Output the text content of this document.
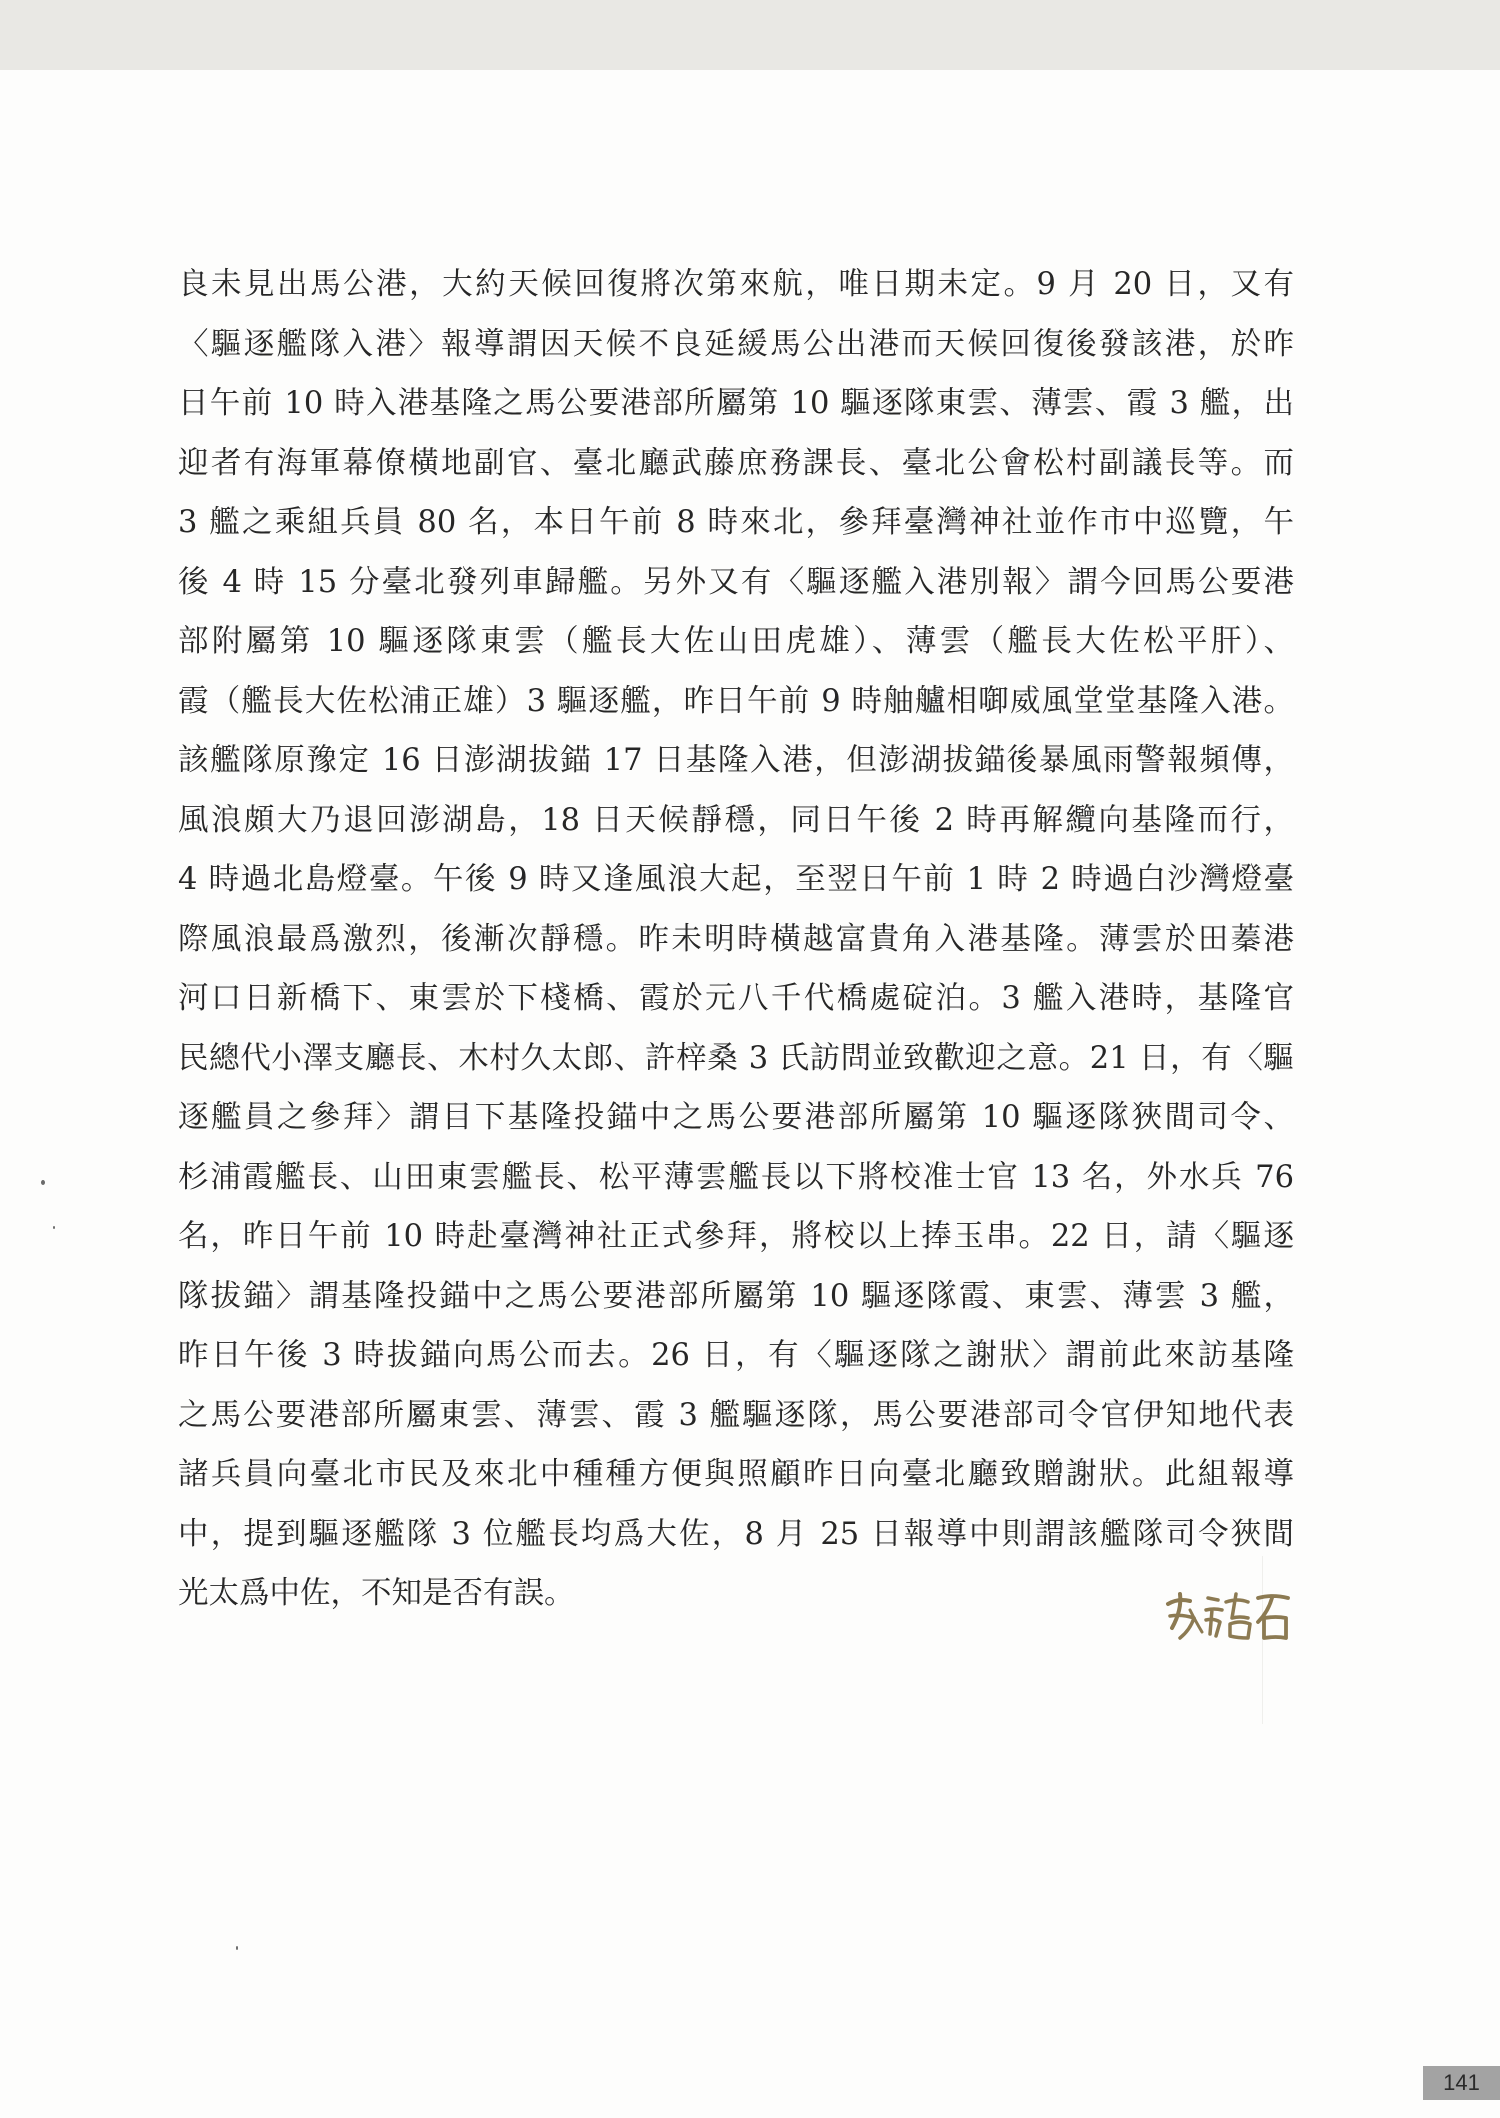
良未見出馬公港，大約天候回復將次第來航，唯日期未定。9 月 20 日，又有
〈驅逐艦隊入港〉報導謂因天候不良延緩馬公出港而天候回復後發該港，於昨
日午前 10 時入港基隆之馬公要港部所屬第 10 驅逐隊東雲、薄雲、霞 3 艦，出
迎者有海軍幕僚橫地副官、臺北廳武藤庶務課長、臺北公會松村副議長等。而
3 艦之乘組兵員 80 名，本日午前 8 時來北，參拜臺灣神社並作市中巡覽，午
後 4 時 15 分臺北發列車歸艦。另外又有〈驅逐艦入港別報〉謂今回馬公要港
部附屬第 10 驅逐隊東雲（艦長大佐山田虎雄）、薄雲（艦長大佐松平肝）、
霞（艦長大佐松浦正雄）3 驅逐艦，昨日午前 9 時舳艫相啣威風堂堂基隆入港。
該艦隊原豫定 16 日澎湖拔錨 17 日基隆入港，但澎湖拔錨後暴風雨警報頻傳，
風浪頗大乃退回澎湖島，18 日天候靜穩，同日午後 2 時再解纜向基隆而行，
4 時過北島燈臺。午後 9 時又逢風浪大起，至翌日午前 1 時 2 時過白沙灣燈臺
際風浪最爲激烈，後漸次靜穩。昨未明時橫越富貴角入港基隆。薄雲於田蓁港
河口日新橋下、東雲於下棧橋、霞於元八千代橋處碇泊。3 艦入港時，基隆官
民總代小澤支廳長、木村久太郎、許梓桑 3 氏訪問並致歡迎之意。21 日，有〈驅
逐艦員之參拜〉謂目下基隆投錨中之馬公要港部所屬第 10 驅逐隊狹間司令、
杉浦霞艦長、山田東雲艦長、松平薄雲艦長以下將校准士官 13 名，外水兵 76
名，昨日午前 10 時赴臺灣神社正式參拜，將校以上捧玉串。22 日，請〈驅逐
隊拔錨〉謂基隆投錨中之馬公要港部所屬第 10 驅逐隊霞、東雲、薄雲 3 艦，
昨日午後 3 時拔錨向馬公而去。26 日，有〈驅逐隊之謝狀〉謂前此來訪基隆
之馬公要港部所屬東雲、薄雲、霞 3 艦驅逐隊，馬公要港部司令官伊知地代表
諸兵員向臺北市民及來北中種種方便與照顧昨日向臺北廳致贈謝狀。此組報導
中，提到驅逐艦隊 3 位艦長均爲大佐，8 月 25 日報導中則謂該艦隊司令狹間
光太爲中佐，不知是否有誤。
141
